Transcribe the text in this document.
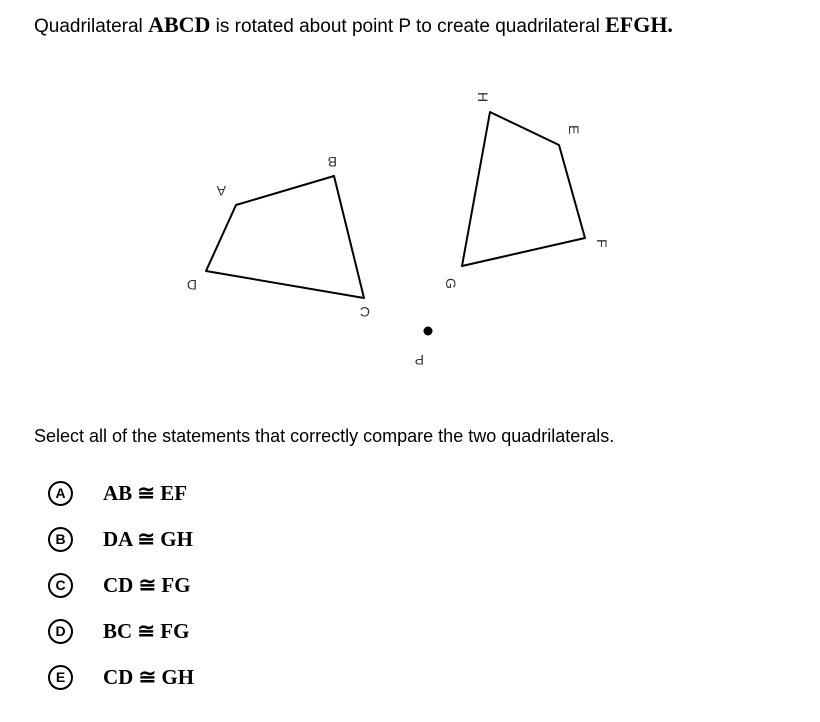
Quadrilateral ABCD is rotated about point P to create quadrilateral EFGH.
A
B
C
D
E
F
G
H
P
Select all of the statements that correctly compare the two quadrilaterals.
A	AB ≅ EF
B	DA ≅ GH
C	CD ≅ FG
D	BC ≅ FG
E	CD ≅ GH
